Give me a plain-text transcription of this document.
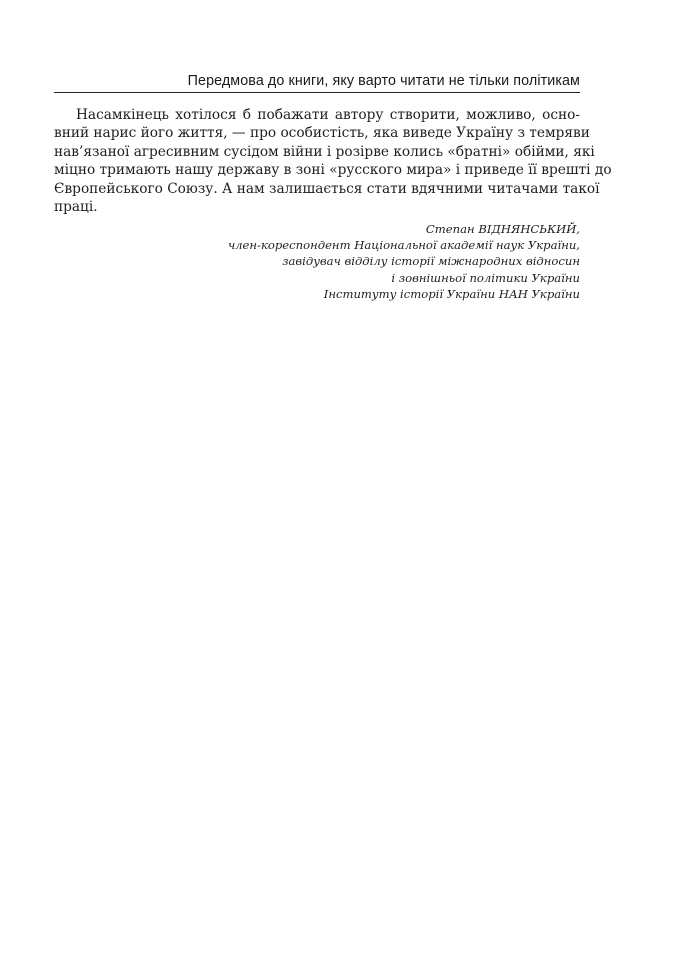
Передмова до книги, яку варто читати не тільки політикам

Насамкінець хотілося б побажати автору створити, можливо, осно-
вний нарис його життя, — про особистість, яка виведе Україну з темряви
нав’язаної агресивним сусідом війни і розірве колись «братні» обійми, які
міцно тримають нашу державу в зоні «русского мира» і приведе її врешті до
Європейського Союзу. А нам залишається стати вдячними читачами такої
праці.

Степан ВІДНЯНСЬКИЙ,
член-кореспондент Національної академії наук України,
завідувач відділу історії міжнародних відносин
і зовнішньої політики України
Інституту історії України НАН України
